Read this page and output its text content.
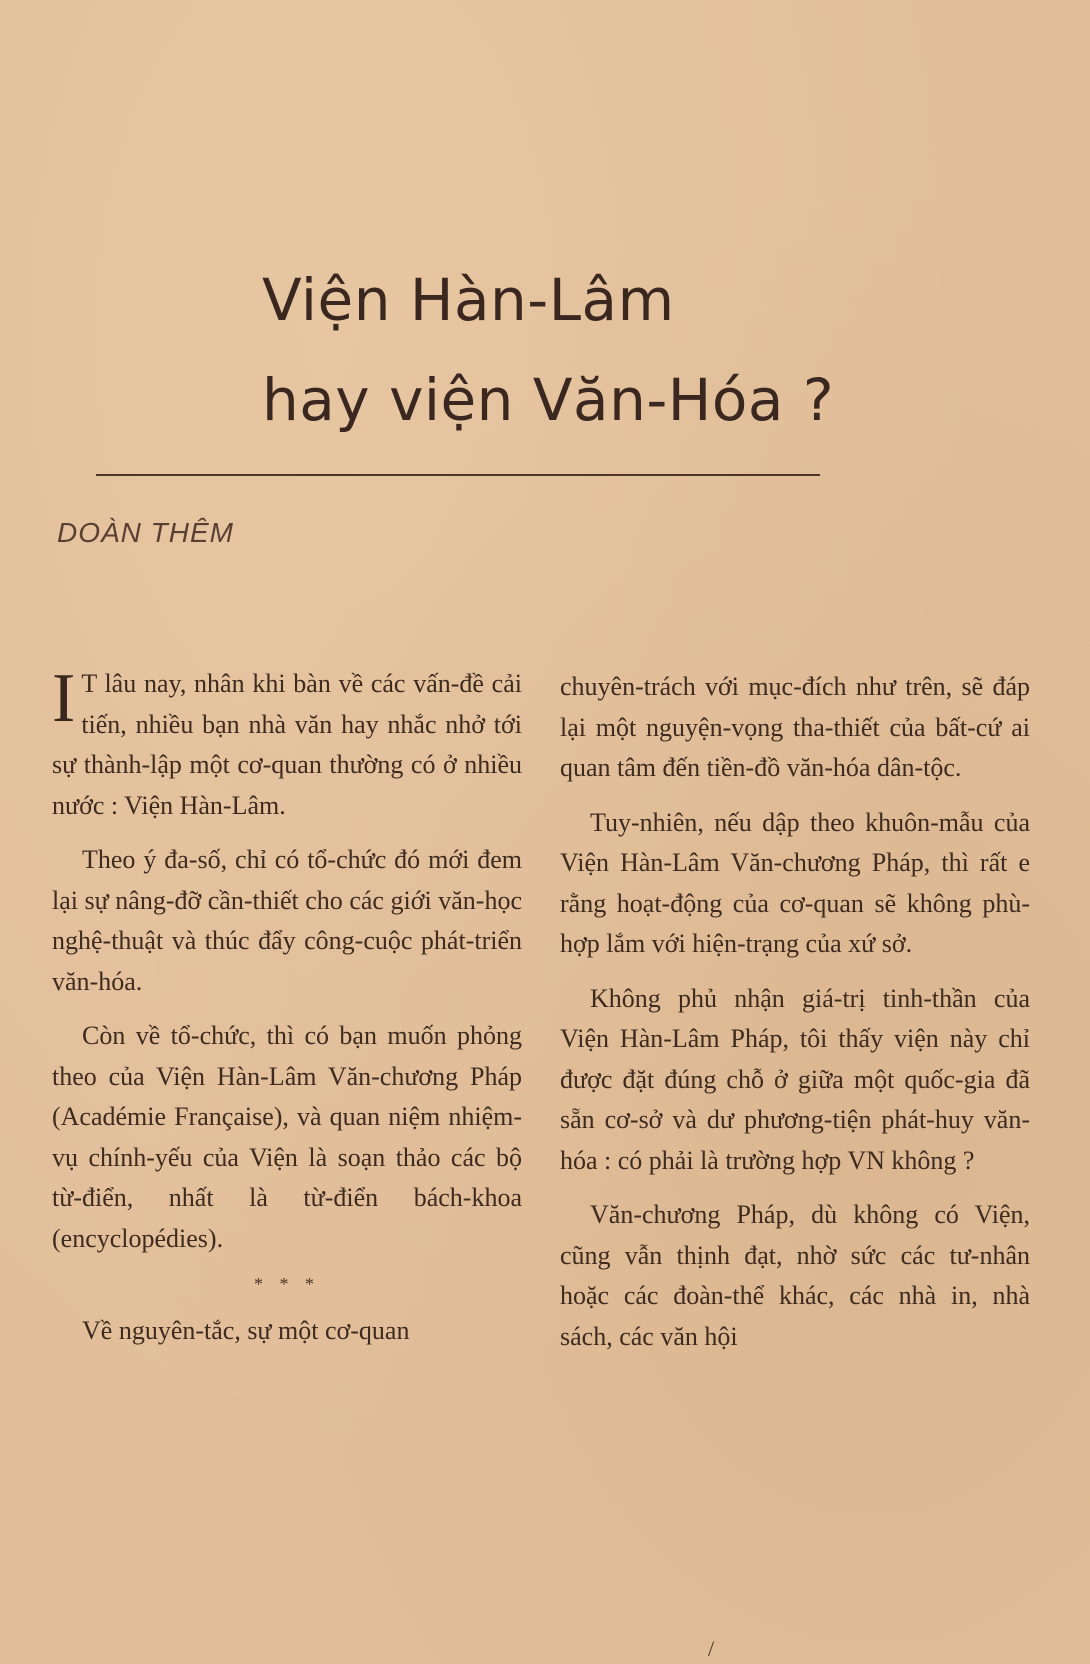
Viện Hàn-Lâm
hay viện Văn-Hóa ?
DOÀN THÊM

I T lâu nay, nhân khi bàn về các vấn-đề cải tiến, nhiều bạn nhà văn hay nhắc nhở tới sự thành-lập một cơ-quan thường có ở nhiều nước : Viện Hàn-Lâm.

Theo ý đa-số, chỉ có tổ-chức đó mới đem lại sự nâng-đỡ cần-thiết cho các giới văn-học nghệ-thuật và thúc đẩy công-cuộc phát-triển văn-hóa.

Còn về tổ-chức, thì có bạn muốn phỏng theo của Viện Hàn-Lâm Văn-chương Pháp (Académie Française), và quan niệm nhiệm-vụ chính-yếu của Viện là soạn thảo các bộ từ-điển, nhất là từ-điển bách-khoa (encyclopédies).

* * *

Về nguyên-tắc, sự một cơ-quan

chuyên-trách với mục-đích như trên, sẽ đáp lại một nguyện-vọng tha-thiết của bất-cứ ai quan tâm đến tiền-đồ văn-hóa dân-tộc.

Tuy-nhiên, nếu dập theo khuôn-mẫu của Viện Hàn-Lâm Văn-chương Pháp, thì rất e rằng hoạt-động của cơ-quan sẽ không phù-hợp lắm với hiện-trạng của xứ sở.

Không phủ nhận giá-trị tinh-thần của Viện Hàn-Lâm Pháp, tôi thấy viện này chỉ được đặt đúng chỗ ở giữa một quốc-gia đã sẵn cơ-sở và dư phương-tiện phát-huy văn-hóa : có phải là trường hợp VN không ?

Văn-chương Pháp, dù không có Viện, cũng vẫn thịnh đạt, nhờ sức các tư-nhân hoặc các đoàn-thể khác, các nhà in, nhà sách, các văn hội

/
